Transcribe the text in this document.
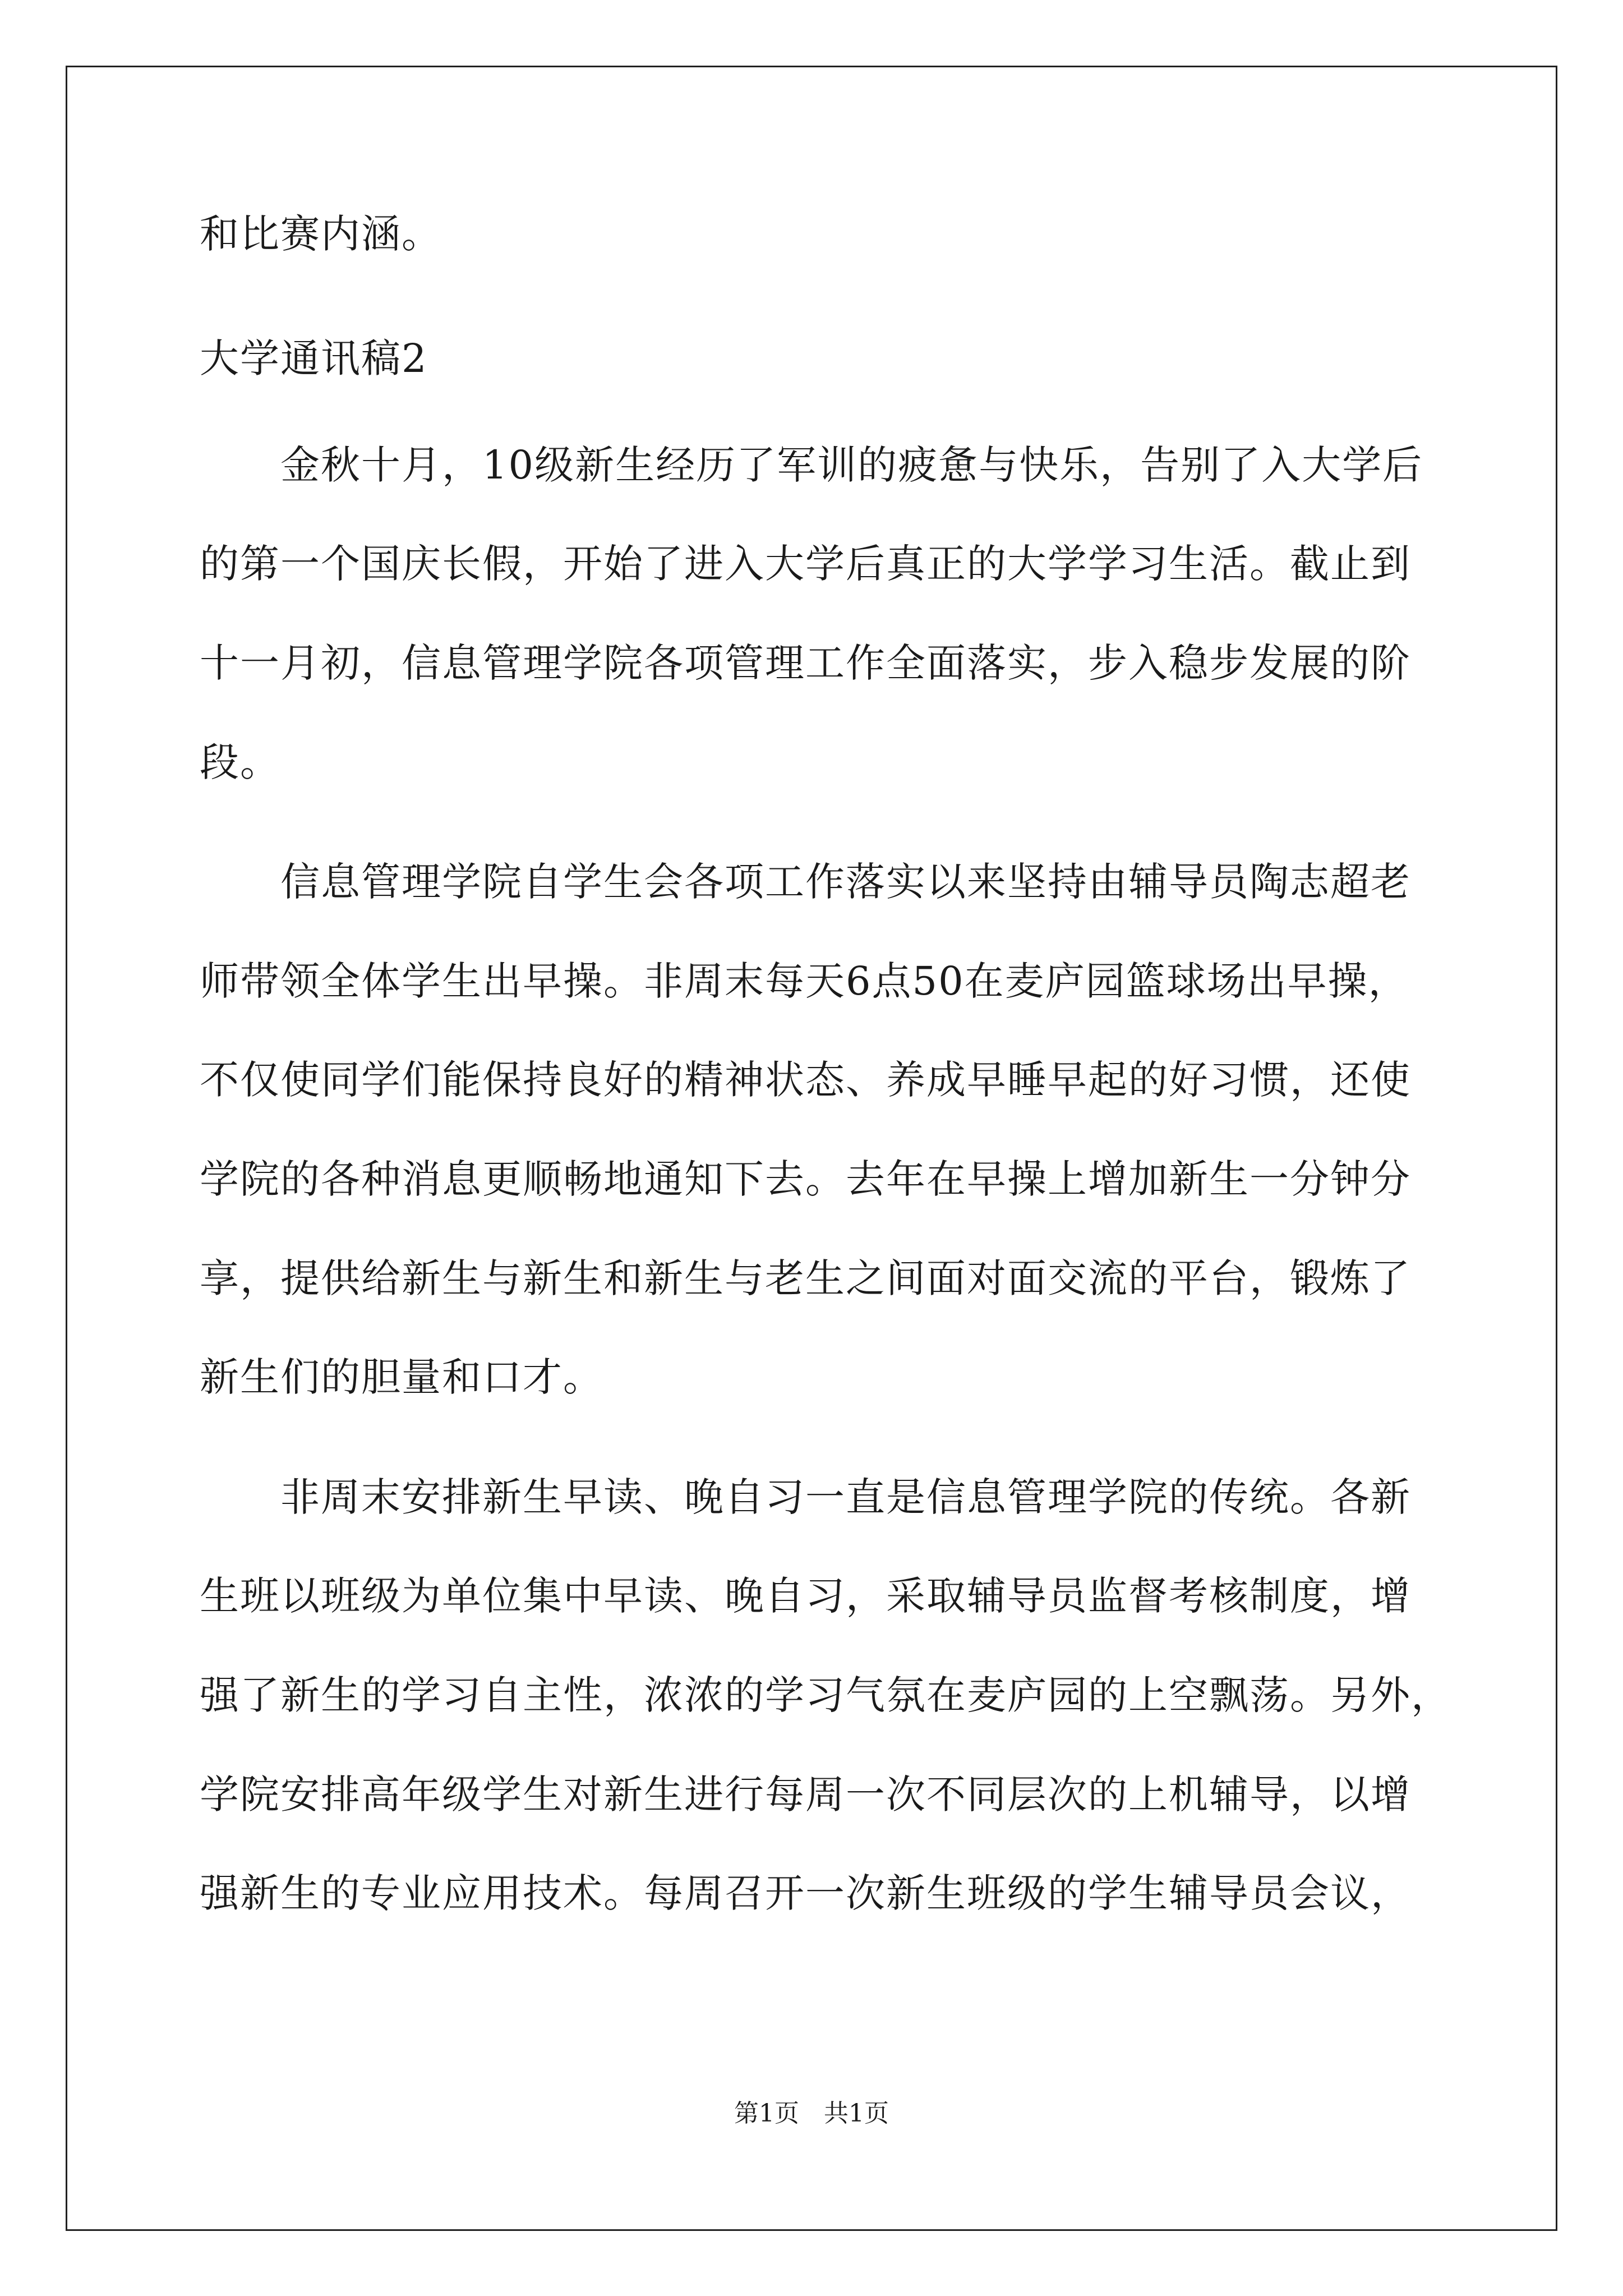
和比赛内涵。
大学通讯稿2
　　金秋十月，10级新生经历了军训的疲惫与快乐，告别了入大学后
的第一个国庆长假，开始了进入大学后真正的大学学习生活。截止到
十一月初，信息管理学院各项管理工作全面落实，步入稳步发展的阶
段。
　　信息管理学院自学生会各项工作落实以来坚持由辅导员陶志超老
师带领全体学生出早操。非周末每天6点50在麦庐园篮球场出早操，
不仅使同学们能保持良好的精神状态、养成早睡早起的好习惯，还使
学院的各种消息更顺畅地通知下去。去年在早操上增加新生一分钟分
享，提供给新生与新生和新生与老生之间面对面交流的平台，锻炼了
新生们的胆量和口才。
　　非周末安排新生早读、晚自习一直是信息管理学院的传统。各新
生班以班级为单位集中早读、晚自习，采取辅导员监督考核制度，增
强了新生的学习自主性，浓浓的学习气氛在麦庐园的上空飘荡。另外，
学院安排高年级学生对新生进行每周一次不同层次的上机辅导，以增
强新生的专业应用技术。每周召开一次新生班级的学生辅导员会议，
第1页 共1页
